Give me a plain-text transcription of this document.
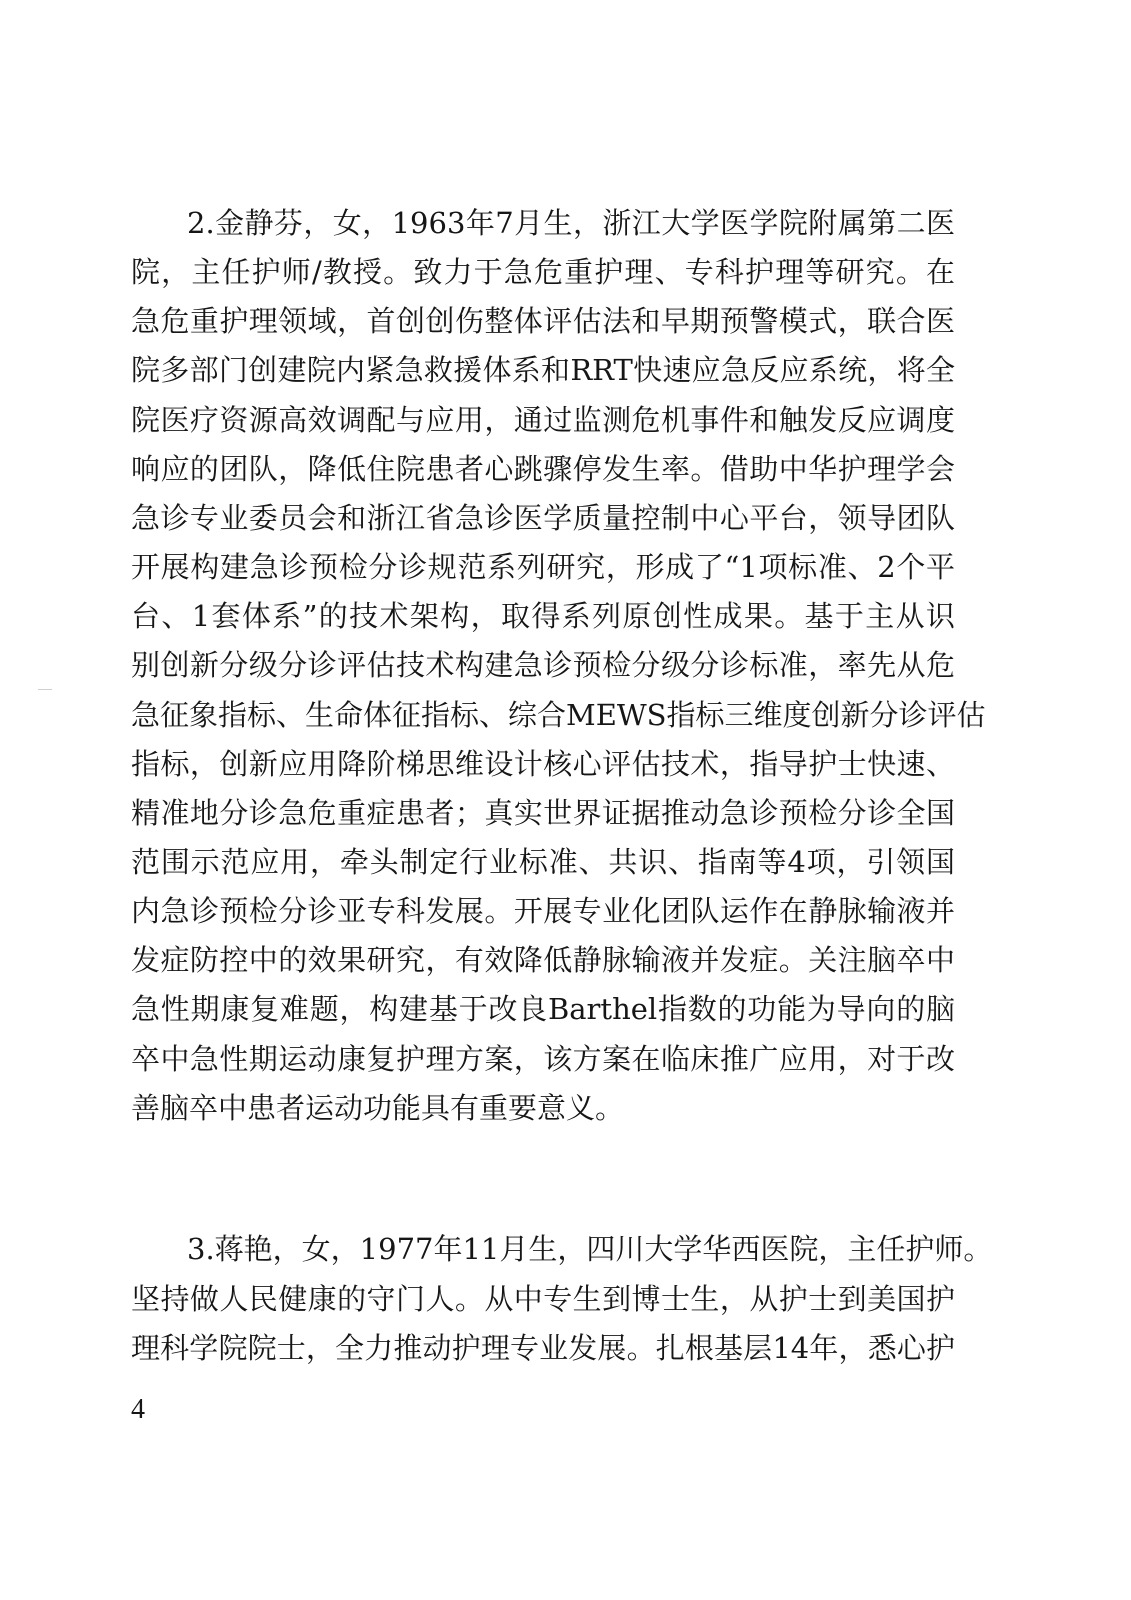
2.金静芬，女，1963年7月生，浙江大学医学院附属第二医
院，主任护师/教授。致力于急危重护理、专科护理等研究。在
急危重护理领域，首创创伤整体评估法和早期预警模式，联合医
院多部门创建院内紧急救援体系和RRT快速应急反应系统，将全
院医疗资源高效调配与应用，通过监测危机事件和触发反应调度
响应的团队，降低住院患者心跳骤停发生率。借助中华护理学会
急诊专业委员会和浙江省急诊医学质量控制中心平台，领导团队
开展构建急诊预检分诊规范系列研究，形成了“1项标准、2个平
台、1套体系”的技术架构，取得系列原创性成果。基于主从识
别创新分级分诊评估技术构建急诊预检分级分诊标准，率先从危
急征象指标、生命体征指标、综合MEWS指标三维度创新分诊评估
指标，创新应用降阶梯思维设计核心评估技术，指导护士快速、
精准地分诊急危重症患者；真实世界证据推动急诊预检分诊全国
范围示范应用，牵头制定行业标准、共识、指南等4项，引领国
内急诊预检分诊亚专科发展。开展专业化团队运作在静脉输液并
发症防控中的效果研究，有效降低静脉输液并发症。关注脑卒中
急性期康复难题，构建基于改良Barthel指数的功能为导向的脑
卒中急性期运动康复护理方案，该方案在临床推广应用，对于改
善脑卒中患者运动功能具有重要意义。
3.蒋艳，女，1977年11月生，四川大学华西医院，主任护师。
坚持做人民健康的守门人。从中专生到博士生，从护士到美国护
理科学院院士，全力推动护理专业发展。扎根基层14年，悉心护
4
